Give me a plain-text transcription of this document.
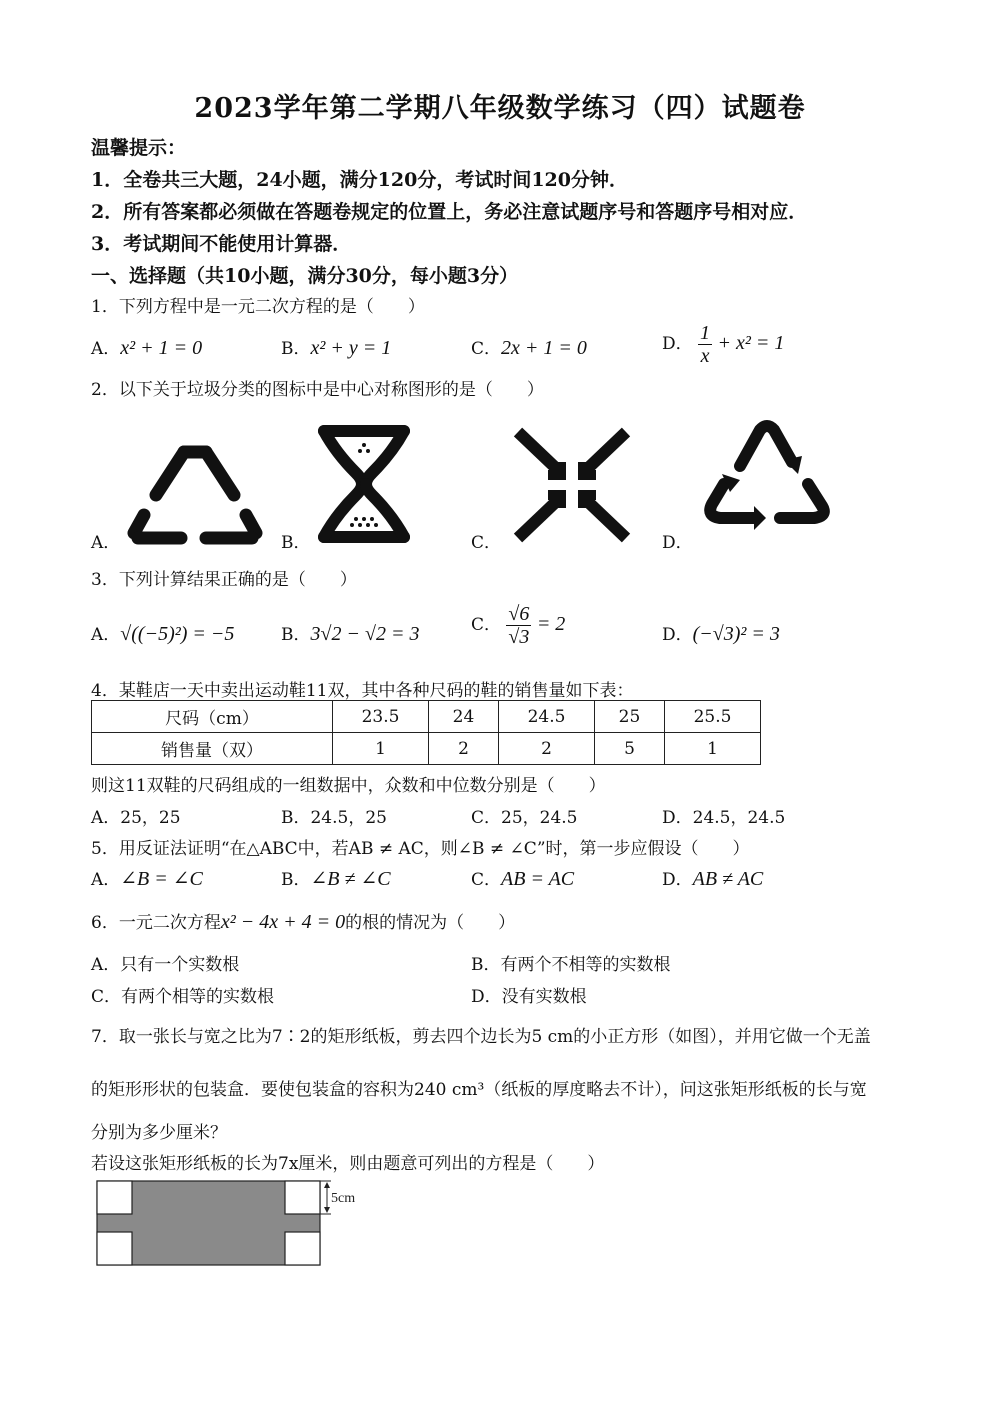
2023学年第二学期八年级数学练习（四）试题卷
温馨提示：
1．全卷共三大题，24小题，满分120分，考试时间120分钟．
2．所有答案都必须做在答题卷规定的位置上，务必注意试题序号和答题序号相对应．
3．考试期间不能使用计算器．
一、选择题（共10小题，满分30分，每小题3分）
1．下列方程中是一元二次方程的是（　　）
A．x² + 1 = 0	B．x² + y = 1	C．2x + 1 = 0	D． $\frac{1}{x} + x^2 = 1$
2．以下关于垃圾分类的图标中是中心对称图形的是（　　）
A．	B．	C．	D．
3．下列计算结果正确的是（　　）
A．√((−5)²) = −5	B．3√2 − √2 = 3	C． $\frac{√6}{√3} = 2$	D．(−√3)² = 3
4．某鞋店一天中卖出运动鞋11双，其中各种尺码的鞋的销售量如下表：
尺码（cm）	23.5	24	24.5	25	25.5
销售量（双）	1	2	2	5	1
则这11双鞋的尺码组成的一组数据中，众数和中位数分别是（　　）
A．25，25	B．24.5，25	C．25，24.5	D．24.5，24.5
5．用反证法证明“在△ABC中，若AB ≠ AC，则∠B ≠ ∠C”时，第一步应假设（　　）
A．∠B = ∠C	B．∠B ≠ ∠C	C．AB = AC	D．AB ≠ AC
6．一元二次方程x² − 4x + 4 = 0的根的情况为（　　）
A．只有一个实数根	B．有两个不相等的实数根
C．有两个相等的实数根	D．没有实数根
7．取一张长与宽之比为7∶2的矩形纸板，剪去四个边长为5 cm的小正方形（如图），并用它做一个无盖
的矩形形状的包装盒．要使包装盒的容积为240 cm³（纸板的厚度略去不计），问这张矩形纸板的长与宽
分别为多少厘米？
若设这张矩形纸板的长为7x厘米，则由题意可列出的方程是（　　）
5cm
